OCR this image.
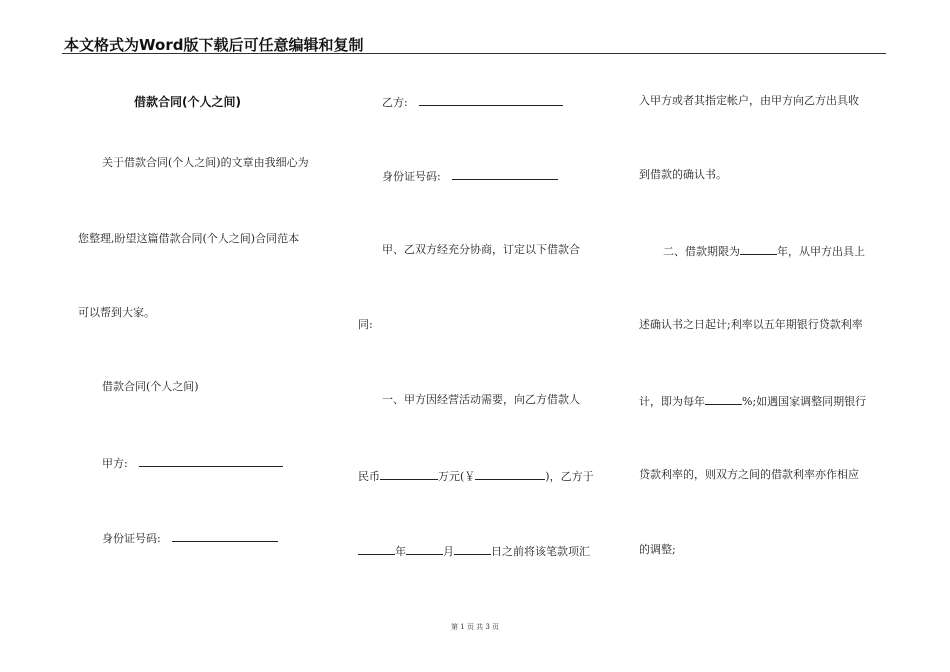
本文格式为Word版下载后可任意编辑和复制
借款合同(个人之间)
关于借款合同(个人之间)的文章由我细心为
您整理,盼望这篇借款合同(个人之间)合同范本
可以帮到大家。
借款合同(个人之间)
甲方:
身份证号码:
乙方:
身份证号码:
甲、乙双方经充分协商，订定以下借款合
同:
一、甲方因经营活动需要，向乙方借款人
民币	万元(￥	)，乙方于
年	月	日之前将该笔款项汇
入甲方或者其指定帐户，由甲方向乙方出具收
到借款的确认书。
二、借款期限为	年，从甲方出具上
述确认书之日起计;利率以五年期银行贷款利率
计，即为每年	%;如遇国家调整同期银行
贷款利率的，则双方之间的借款利率亦作相应
的调整;
第 1 页 共 3 页
